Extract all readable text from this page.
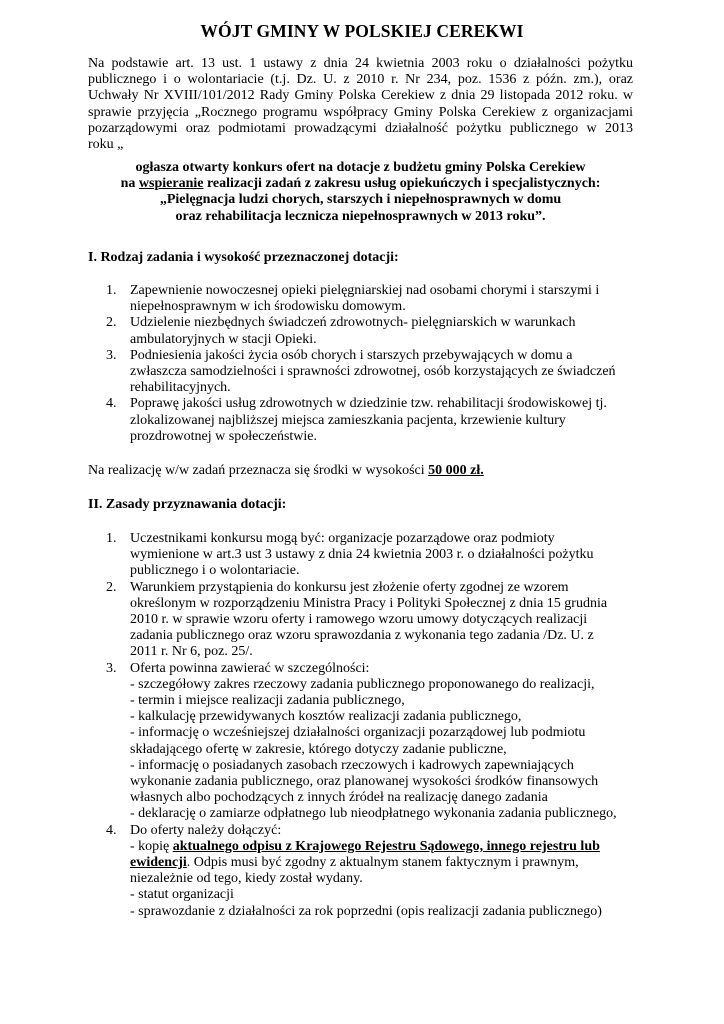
WÓJT GMINY W POLSKIEJ CEREKWI
Na podstawie art. 13 ust. 1 ustawy z dnia 24 kwietnia 2003 roku o działalności pożytku
publicznego i o wolontariacie (t.j. Dz. U. z 2010 r. Nr 234, poz. 1536 z późn. zm.), oraz
Uchwały Nr XVIII/101/2012 Rady Gminy Polska Cerekiew z dnia 29 listopada 2012 roku. w
sprawie przyjęcia „Rocznego programu współpracy Gminy Polska Cerekiew z organizacjami
pozarządowymi oraz podmiotami prowadzącymi działalność pożytku publicznego w 2013
roku „
ogłasza otwarty konkurs ofert na dotacje z budżetu gminy Polska Cerekiew
na wspieranie realizacji zadań z zakresu usług opiekuńczych i specjalistycznych:
„Pielęgnacja ludzi chorych, starszych i niepełnosprawnych w domu
oraz rehabilitacja lecznicza niepełnosprawnych w 2013 roku”.
I. Rodzaj zadania i wysokość przeznaczonej dotacji:
1. Zapewnienie nowoczesnej opieki pielęgniarskiej nad osobami chorymi i starszymi i
niepełnosprawnym w ich środowisku domowym.
2. Udzielenie niezbędnych świadczeń zdrowotnych- pielęgniarskich w warunkach
ambulatoryjnych w stacji Opieki.
3. Podniesienia jakości życia osób chorych i starszych przebywających w domu a
zwłaszcza samodzielności i sprawności zdrowotnej, osób korzystających ze świadczeń
rehabilitacyjnych.
4. Poprawę jakości usług zdrowotnych w dziedzinie tzw. rehabilitacji środowiskowej tj.
zlokalizowanej najbliższej miejsca zamieszkania pacjenta, krzewienie kultury
prozdrowotnej w społeczeństwie.

Na realizację w/w zadań przeznacza się środki w wysokości 50 000 zł.

II. Zasady przyznawania dotacji:
1. Uczestnikami konkursu mogą być: organizacje pozarządowe oraz podmioty
wymienione w art.3 ust 3 ustawy z dnia 24 kwietnia 2003 r. o działalności pożytku
publicznego i o wolontariacie.
2. Warunkiem przystąpienia do konkursu jest złożenie oferty zgodnej ze wzorem
określonym w rozporządzeniu Ministra Pracy i Polityki Społecznej z dnia 15 grudnia
2010 r. w sprawie wzoru oferty i ramowego wzoru umowy dotyczących realizacji
zadania publicznego oraz wzoru sprawozdania z wykonania tego zadania /Dz. U. z
2011 r. Nr 6, poz. 25/.
3. Oferta powinna zawierać w szczególności:
- szczegółowy zakres rzeczowy zadania publicznego proponowanego do realizacji,
- termin i miejsce realizacji zadania publicznego,
- kalkulację przewidywanych kosztów realizacji zadania publicznego,
- informację o wcześniejszej działalności organizacji pozarządowej lub podmiotu
składającego ofertę w zakresie, którego dotyczy zadanie publiczne,
- informację o posiadanych zasobach rzeczowych i kadrowych zapewniających
wykonanie zadania publicznego, oraz planowanej wysokości środków finansowych
własnych albo pochodzących z innych źródeł na realizację danego zadania
- deklarację o zamiarze odpłatnego lub nieodpłatnego wykonania zadania publicznego,
4. Do oferty należy dołączyć:
- kopię aktualnego odpisu z Krajowego Rejestru Sądowego, innego rejestru lub
ewidencji. Odpis musi być zgodny z aktualnym stanem faktycznym i prawnym,
niezależnie od tego, kiedy został wydany.
- statut organizacji
- sprawozdanie z działalności za rok poprzedni (opis realizacji zadania publicznego)
